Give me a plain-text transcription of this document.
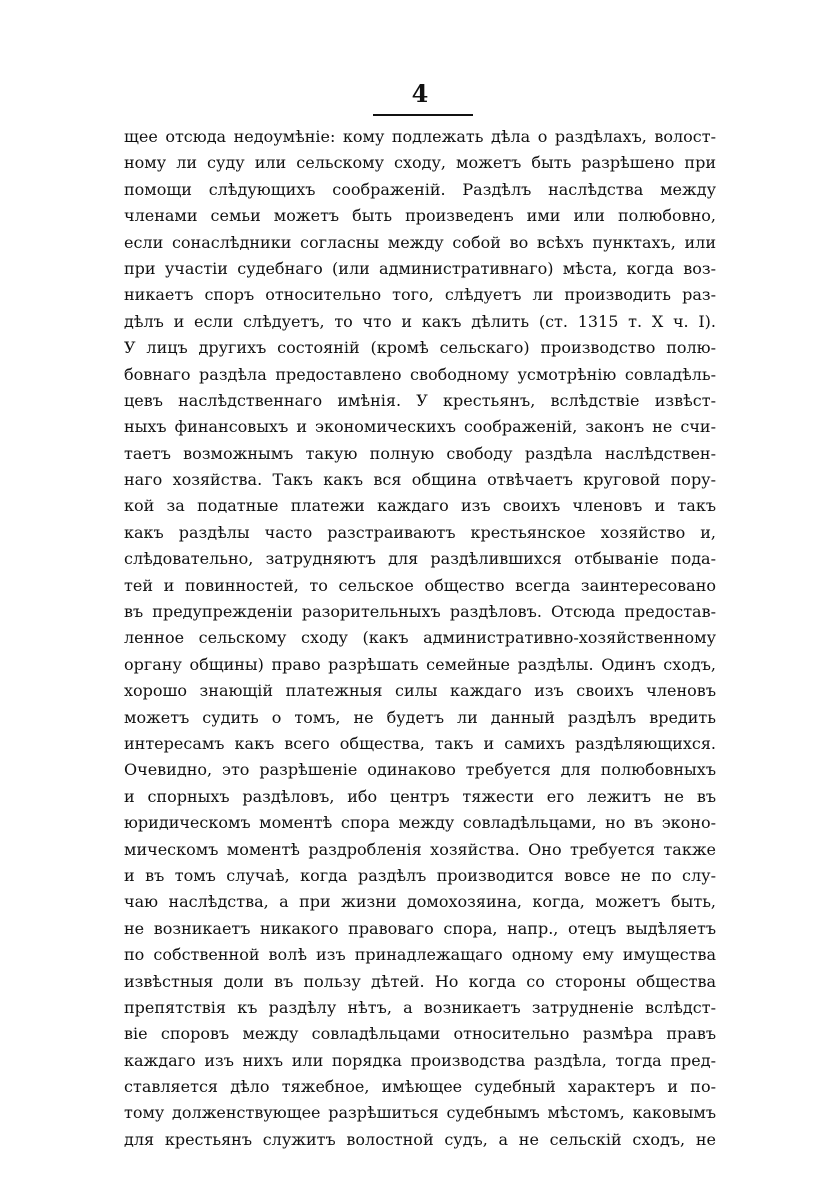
4
щее отсюда недоумѣніе: кому подлежать дѣла о раздѣлахъ, волост-
ному ли суду или сельскому сходу, можетъ быть разрѣшено при
помощи слѣдующихъ соображеній. Раздѣлъ наслѣдства между
членами семьи можетъ быть произведенъ ими или полюбовно,
если сонаслѣдники согласны между собой во всѣхъ пунктахъ, или
при участіи судебнаго (или административнаго) мѣста, когда воз-
никаетъ споръ относительно того, слѣдуетъ ли производить раз-
дѣлъ и если слѣдуетъ, то что и какъ дѣлить (ст. 1315 т. X ч. I).
У лицъ другихъ состояній (кромѣ сельскаго) производство полю-
бовнаго раздѣла предоставлено свободному усмотрѣнію совладѣль-
цевъ наслѣдственнаго имѣнія. У крестьянъ, вслѣдствіе извѣст-
ныхъ финансовыхъ и экономическихъ соображеній, законъ не счи-
таетъ возможнымъ такую полную свободу раздѣла наслѣдствен-
наго хозяйства. Такъ какъ вся община отвѣчаетъ круговой пору-
кой за податные платежи каждаго изъ своихъ членовъ и такъ
какъ раздѣлы часто разстраиваютъ крестьянское хозяйство и,
слѣдовательно, затрудняютъ для раздѣлившихся отбываніе пода-
тей и повинностей, то сельское общество всегда заинтересовано
въ предупрежденіи разорительныхъ раздѣловъ. Отсюда предостав-
ленное сельскому сходу (какъ административно-хозяйственному
органу общины) право разрѣшать семейные раздѣлы. Одинъ сходъ,
хорошо знающій платежныя силы каждаго изъ своихъ членовъ
можетъ судить о томъ, не будетъ ли данный раздѣлъ вредить
интересамъ какъ всего общества, такъ и самихъ раздѣляющихся.
Очевидно, это разрѣшеніе одинаково требуется для полюбовныхъ
и спорныхъ раздѣловъ, ибо центръ тяжести его лежитъ не въ
юридическомъ моментѣ спора между совладѣльцами, но въ эконо-
мическомъ моментѣ раздробленія хозяйства. Оно требуется также
и въ томъ случаѣ, когда раздѣлъ производится вовсе не по слу-
чаю наслѣдства, а при жизни домохозяина, когда, можетъ быть,
не возникаетъ никакого правоваго спора, напр., отецъ выдѣляетъ
по собственной волѣ изъ принадлежащаго одному ему имущества
извѣстныя доли въ пользу дѣтей. Но когда со стороны общества
препятствія къ раздѣлу нѣтъ, а возникаетъ затрудненіе вслѣдст-
віе споровъ между совладѣльцами относительно размѣра правъ
каждаго изъ нихъ или порядка производства раздѣла, тогда пред-
ставляется дѣло тяжебное, имѣющее судебный характеръ и по-
тому долженствующее разрѣшиться судебнымъ мѣстомъ, каковымъ
для крестьянъ служитъ волостной судъ, а не сельскій сходъ, не
